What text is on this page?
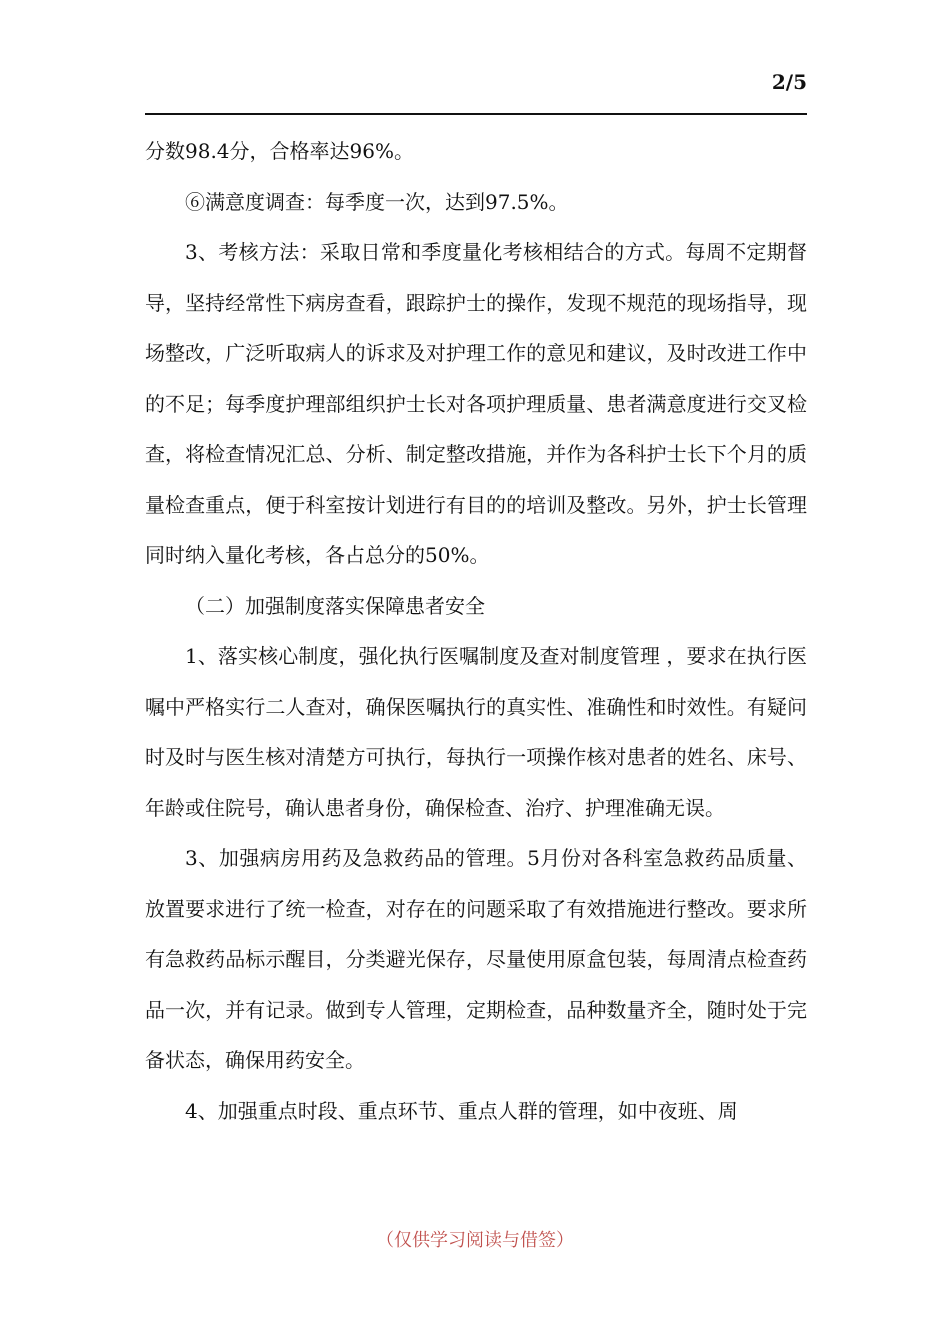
2/5

分数98.4分，合格率达96%。

⑥满意度调查：每季度一次，达到97.5%。

3、考核方法：采取日常和季度量化考核相结合的方式。每周不定期督导，坚持经常性下病房查看，跟踪护士的操作，发现不规范的现场指导，现场整改，广泛听取病人的诉求及对护理工作的意见和建议，及时改进工作中的不足；每季度护理部组织护士长对各项护理质量、患者满意度进行交叉检查，将检查情况汇总、分析、制定整改措施，并作为各科护士长下个月的质量检查重点，便于科室按计划进行有目的的培训及整改。另外，护士长管理同时纳入量化考核，各占总分的50%。

（二）加强制度落实保障患者安全

1、落实核心制度，强化执行医嘱制度及查对制度管理 ，要求在执行医嘱中严格实行二人查对，确保医嘱执行的真实性、准确性和时效性。有疑问时及时与医生核对清楚方可执行，每执行一项操作核对患者的姓名、床号、年龄或住院号，确认患者身份，确保检查、治疗、护理准确无误。

3、加强病房用药及急救药品的管理。5月份对各科室急救药品质量、放置要求进行了统一检查，对存在的问题采取了有效措施进行整改。要求所有急救药品标示醒目，分类避光保存，尽量使用原盒包装，每周清点检查药品一次，并有记录。做到专人管理，定期检查，品种数量齐全，随时处于完备状态，确保用药安全。

4、加强重点时段、重点环节、重点人群的管理，如中夜班、周

（仅供学习阅读与借签）
